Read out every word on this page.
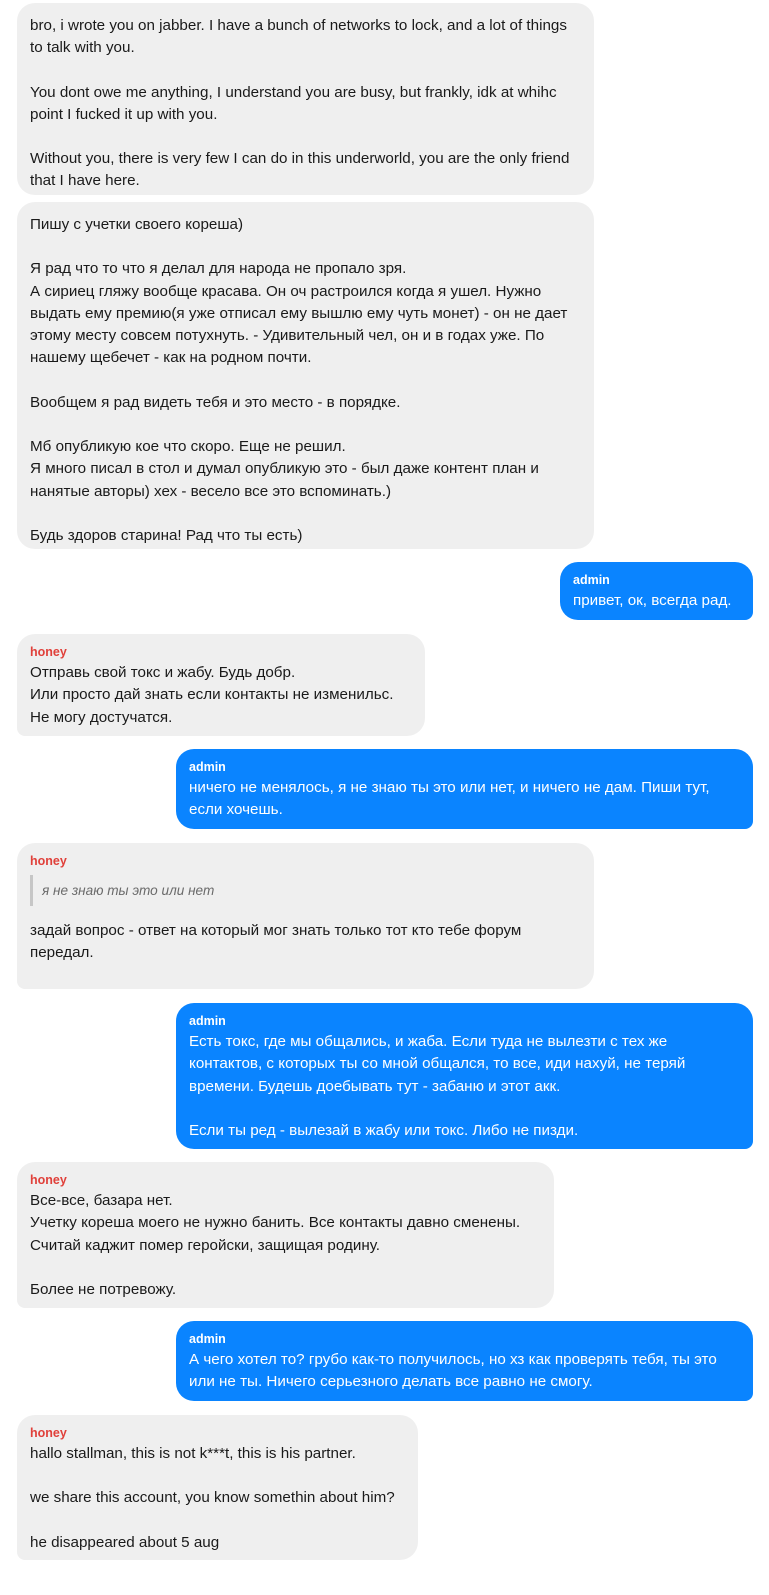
bro, i wrote you on jabber. I have a bunch of networks to lock, and a lot of things to talk with you.
You dont owe me anything, I understand you are busy, but frankly, idk at whihc point I fucked it up with you.
Without you, there is very few I can do in this underworld, you are the only friend that I have here.
Пишу с учетки своего кореша)
Я рад что то что я делал для народа не пропало зря.
А сириец гляжу вообще красава. Он оч растроился когда я ушел. Нужно выдать ему премию(я уже отписал ему вышлю ему чуть монет) - он не дает этому месту совсем потухнуть. - Удивительный чел, он и в годах уже. По нашему щебечет - как на родном почти.
Вообщем я рад видеть тебя и это место - в порядке.
Мб опубликую кое что скоро. Еще не решил.
Я много писал в стол и думал опубликую это - был даже контент план и нанятые авторы) хех - весело все это вспоминать.)
Будь здоров старина! Рад что ты есть)
admin
привет, ок, всегда рад.
honey
Отправь свой токс и жабу. Будь добр.
Или просто дай знать если контакты не изменильс.
Не могу достучатся.
admin
ничего не менялось, я не знаю ты это или нет, и ничего не дам. Пиши тут, если хочешь.
honey
я не знаю ты это или нет
задай вопрос - ответ на который мог знать только тот кто тебе форум передал.
admin
Есть токс, где мы общались, и жаба. Если туда не вылезти с тех же контактов, с которых ты со мной общался, то все, иди нахуй, не теряй времени. Будешь доебывать тут - забаню и этот акк.
Если ты ред - вылезай в жабу или токс. Либо не пизди.
honey
Все-все, базара нет.
Учетку кореша моего не нужно банить. Все контакты давно сменены.
Считай каджит помер геройски, защищая родину.
Более не потревожу.
admin
А чего хотел то? грубо как-то получилось, но хз как проверять тебя, ты это или не ты. Ничего серьезного делать все равно не смогу.
honey
hallo stallman, this is not k***t, this is his partner.
we share this account, you know somethin about him?
he disappeared about 5 aug
